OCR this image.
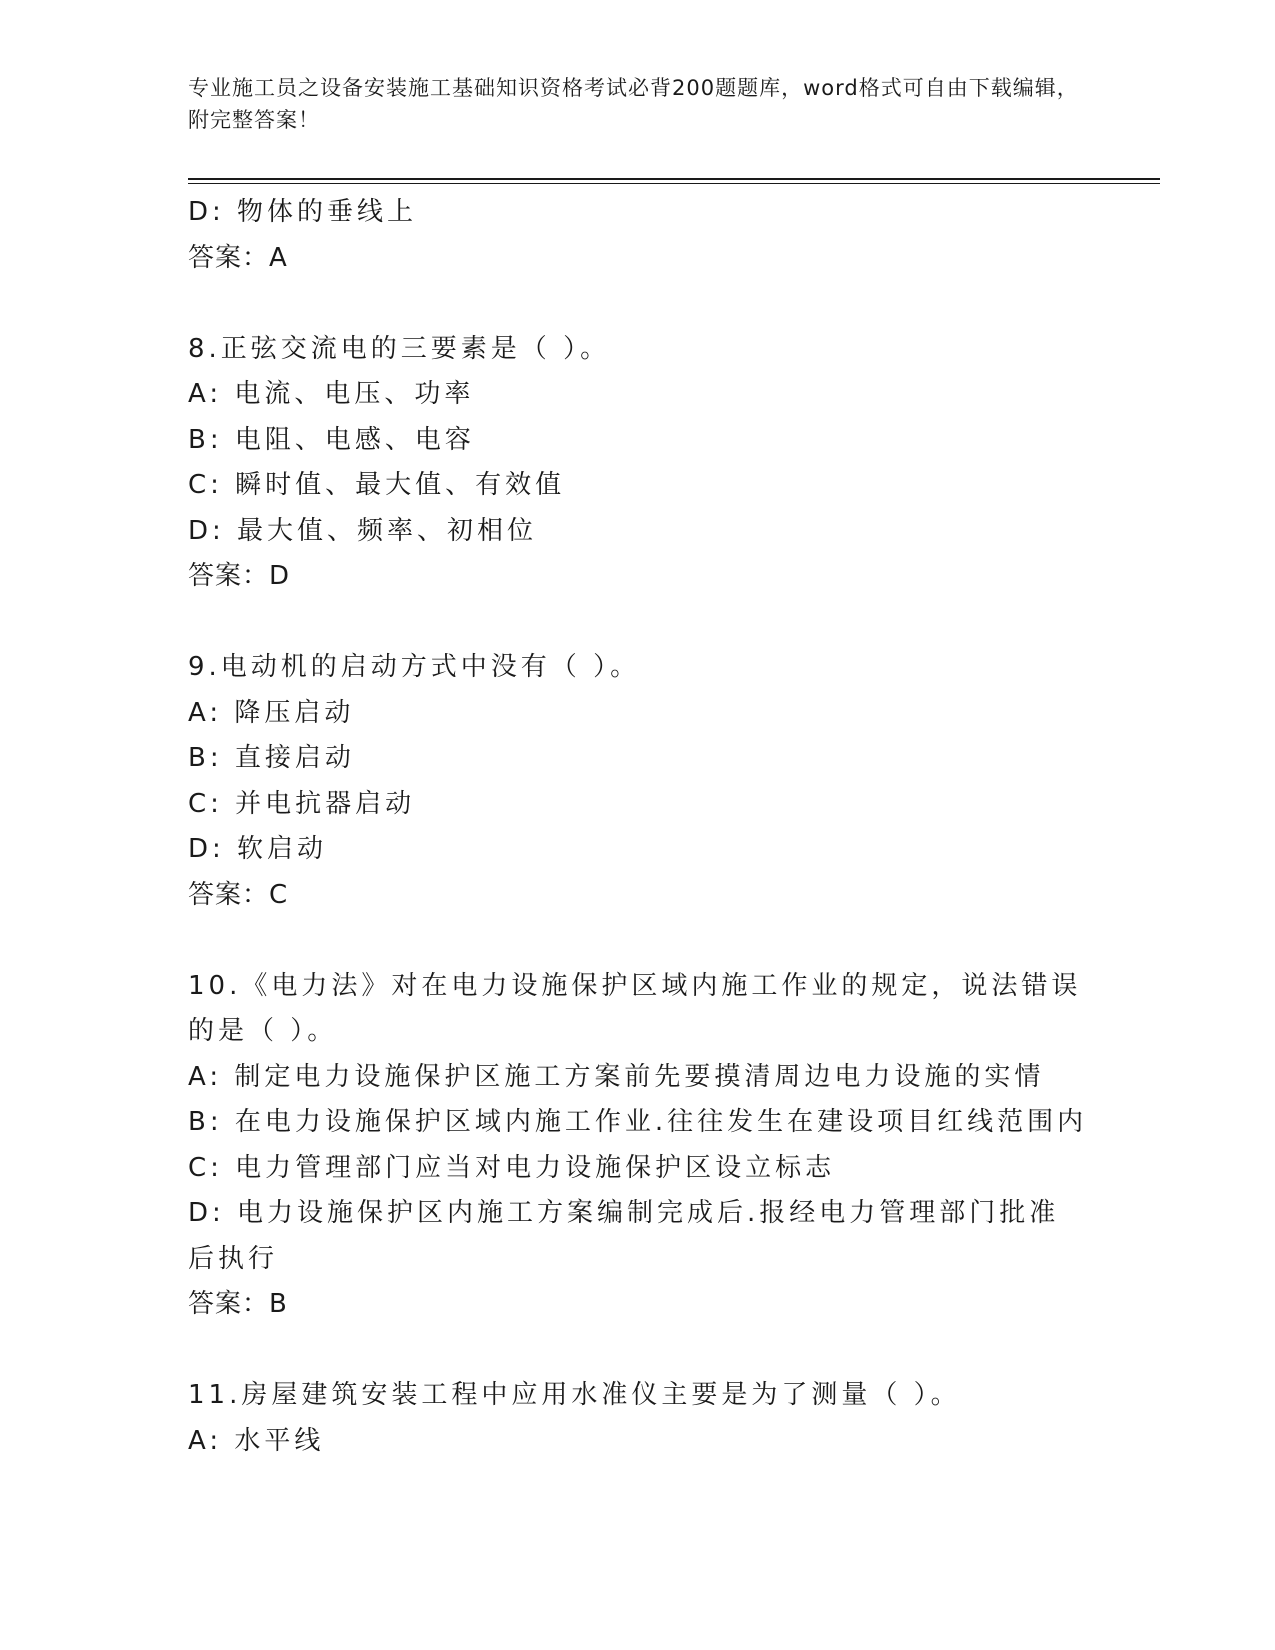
专业施工员之设备安装施工基础知识资格考试必背200题题库，word格式可自由下载编辑，附完整答案！
D: 物体的垂线上
答案：A
8.正弦交流电的三要素是（ ）。
A: 电流、电压、功率
B: 电阻、电感、电容
C: 瞬时值、最大值、有效值
D: 最大值、频率、初相位
答案：D
9.电动机的启动方式中没有（ ）。
A: 降压启动
B: 直接启动
C: 并电抗器启动
D: 软启动
答案：C
10.《电力法》对在电力设施保护区域内施工作业的规定，说法错误的是（ ）。
A: 制定电力设施保护区施工方案前先要摸清周边电力设施的实情
B: 在电力设施保护区域内施工作业.往往发生在建设项目红线范围内
C: 电力管理部门应当对电力设施保护区设立标志
D: 电力设施保护区内施工方案编制完成后.报经电力管理部门批准后执行
答案：B
11.房屋建筑安装工程中应用水准仪主要是为了测量（ ）。
A: 水平线
